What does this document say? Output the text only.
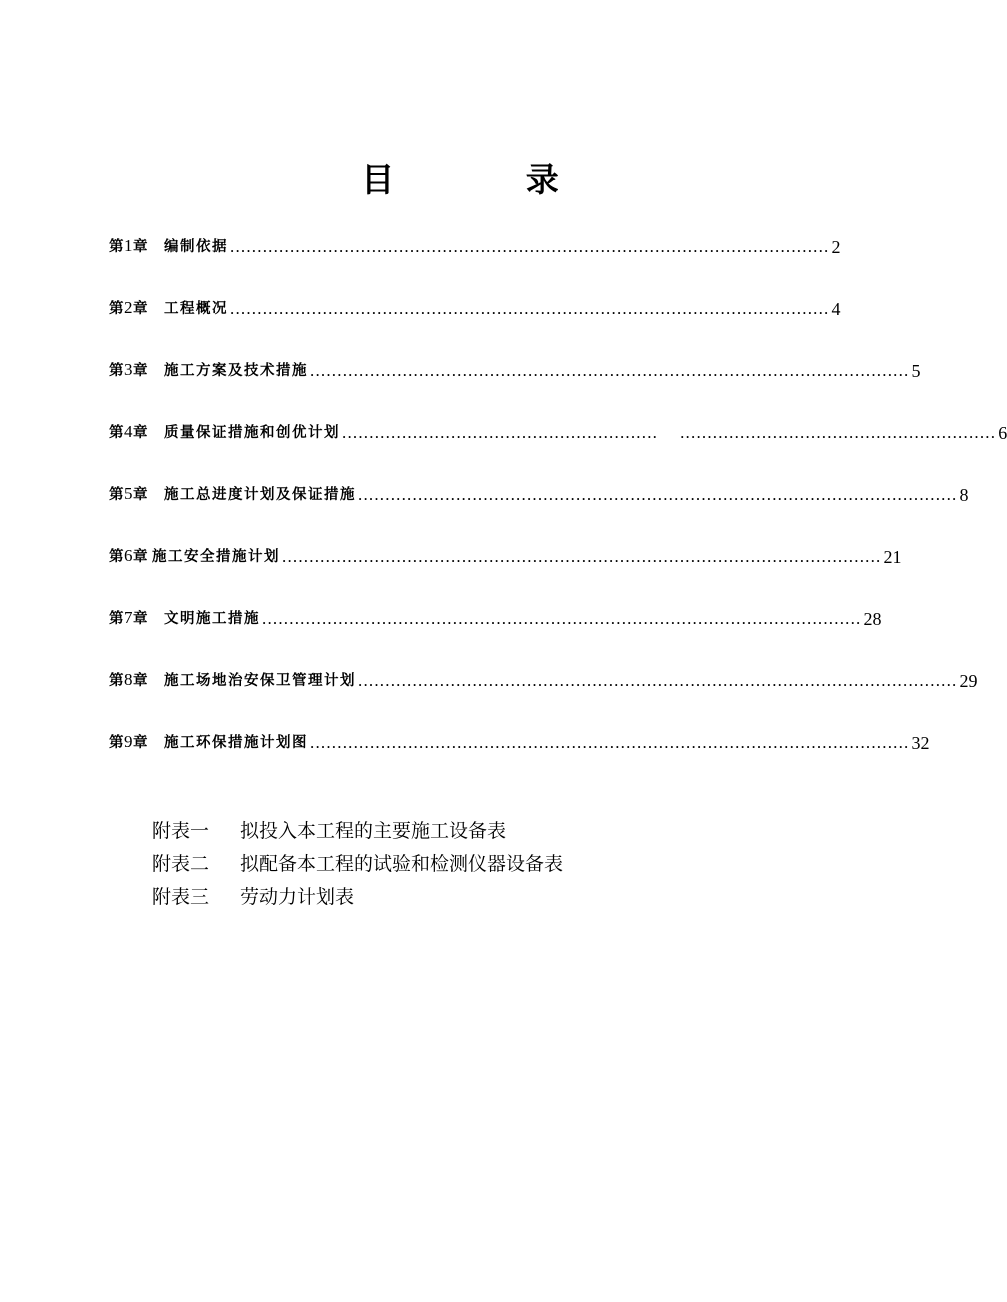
目 录
第1章 编制依据 .............................................................................................................. 2
第2章 工程概况 .............................................................................................................. 4
第3章 施工方案及技术措施 .............................................................................................................. 5
第4章 质量保证措施和创优计划 .......................................................... .......................................................... 6
第5章 施工总进度计划及保证措施 .............................................................................................................. 8
第6章 施工安全措施计划 .............................................................................................................. 21
第7章 文明施工措施 .............................................................................................................. 28
第8章 施工场地治安保卫管理计划 .............................................................................................................. 29
第9章 施工环保措施计划图 .............................................................................................................. 32
附表一 拟投入本工程的主要施工设备表
附表二 拟配备本工程的试验和检测仪器设备表
附表三 劳动力计划表
